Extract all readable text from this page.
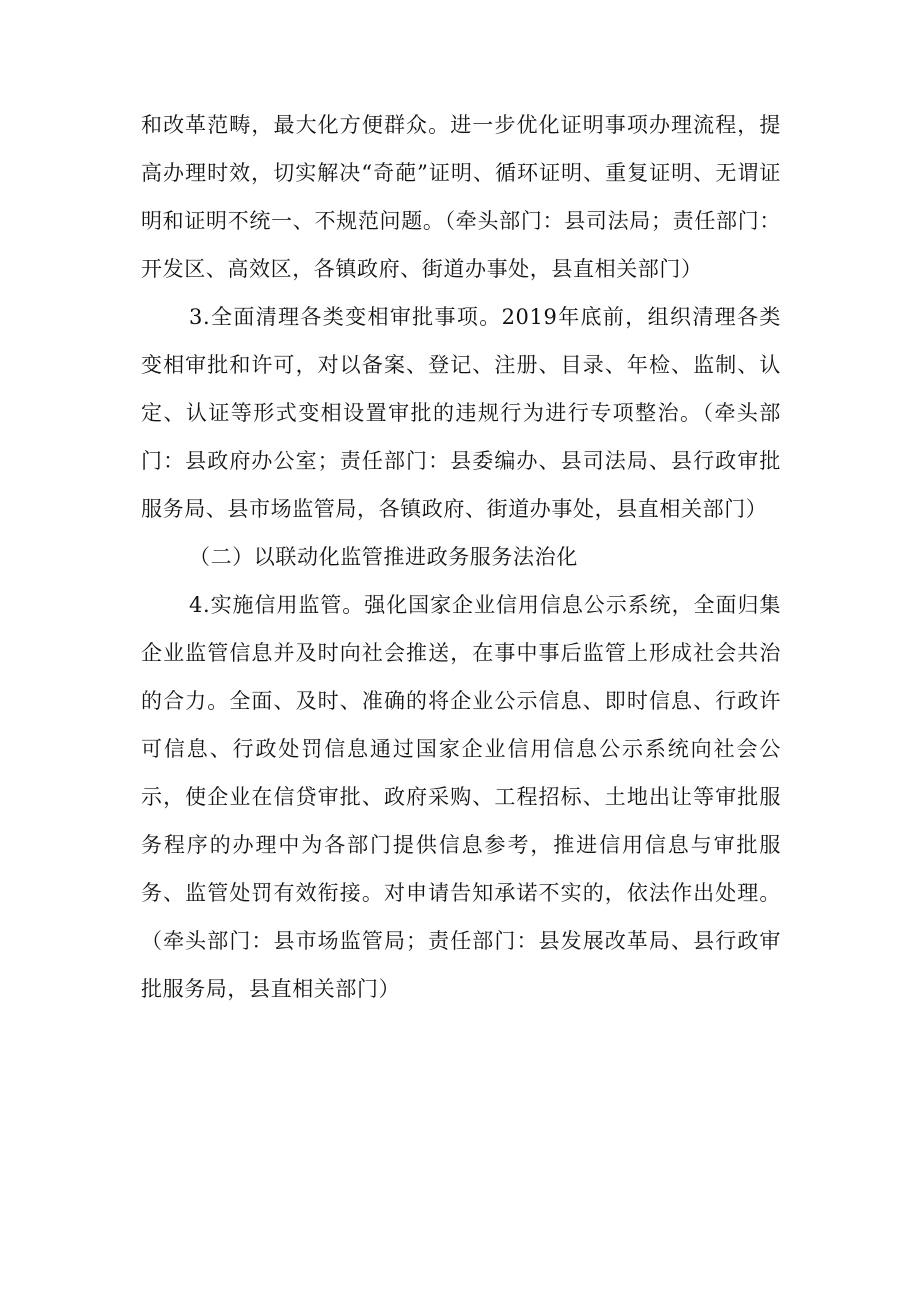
和改革范畴，最大化方便群众。进一步优化证明事项办理流程，提高办理时效，切实解决“奇葩”证明、循环证明、重复证明、无谓证明和证明不统一、不规范问题。（牵头部门：县司法局；责任部门：开发区、高效区，各镇政府、街道办事处，县直相关部门）

3.全面清理各类变相审批事项。2019年底前，组织清理各类变相审批和许可，对以备案、登记、注册、目录、年检、监制、认定、认证等形式变相设置审批的违规行为进行专项整治。（牵头部门：县政府办公室；责任部门：县委编办、县司法局、县行政审批服务局、县市场监管局，各镇政府、街道办事处，县直相关部门）

（二）以联动化监管推进政务服务法治化

4.实施信用监管。强化国家企业信用信息公示系统，全面归集企业监管信息并及时向社会推送，在事中事后监管上形成社会共治的合力。全面、及时、准确的将企业公示信息、即时信息、行政许可信息、行政处罚信息通过国家企业信用信息公示系统向社会公示，使企业在信贷审批、政府采购、工程招标、土地出让等审批服务程序的办理中为各部门提供信息参考，推进信用信息与审批服务、监管处罚有效衔接。对申请告知承诺不实的，依法作出处理。（牵头部门：县市场监管局；责任部门：县发展改革局、县行政审批服务局，县直相关部门）
